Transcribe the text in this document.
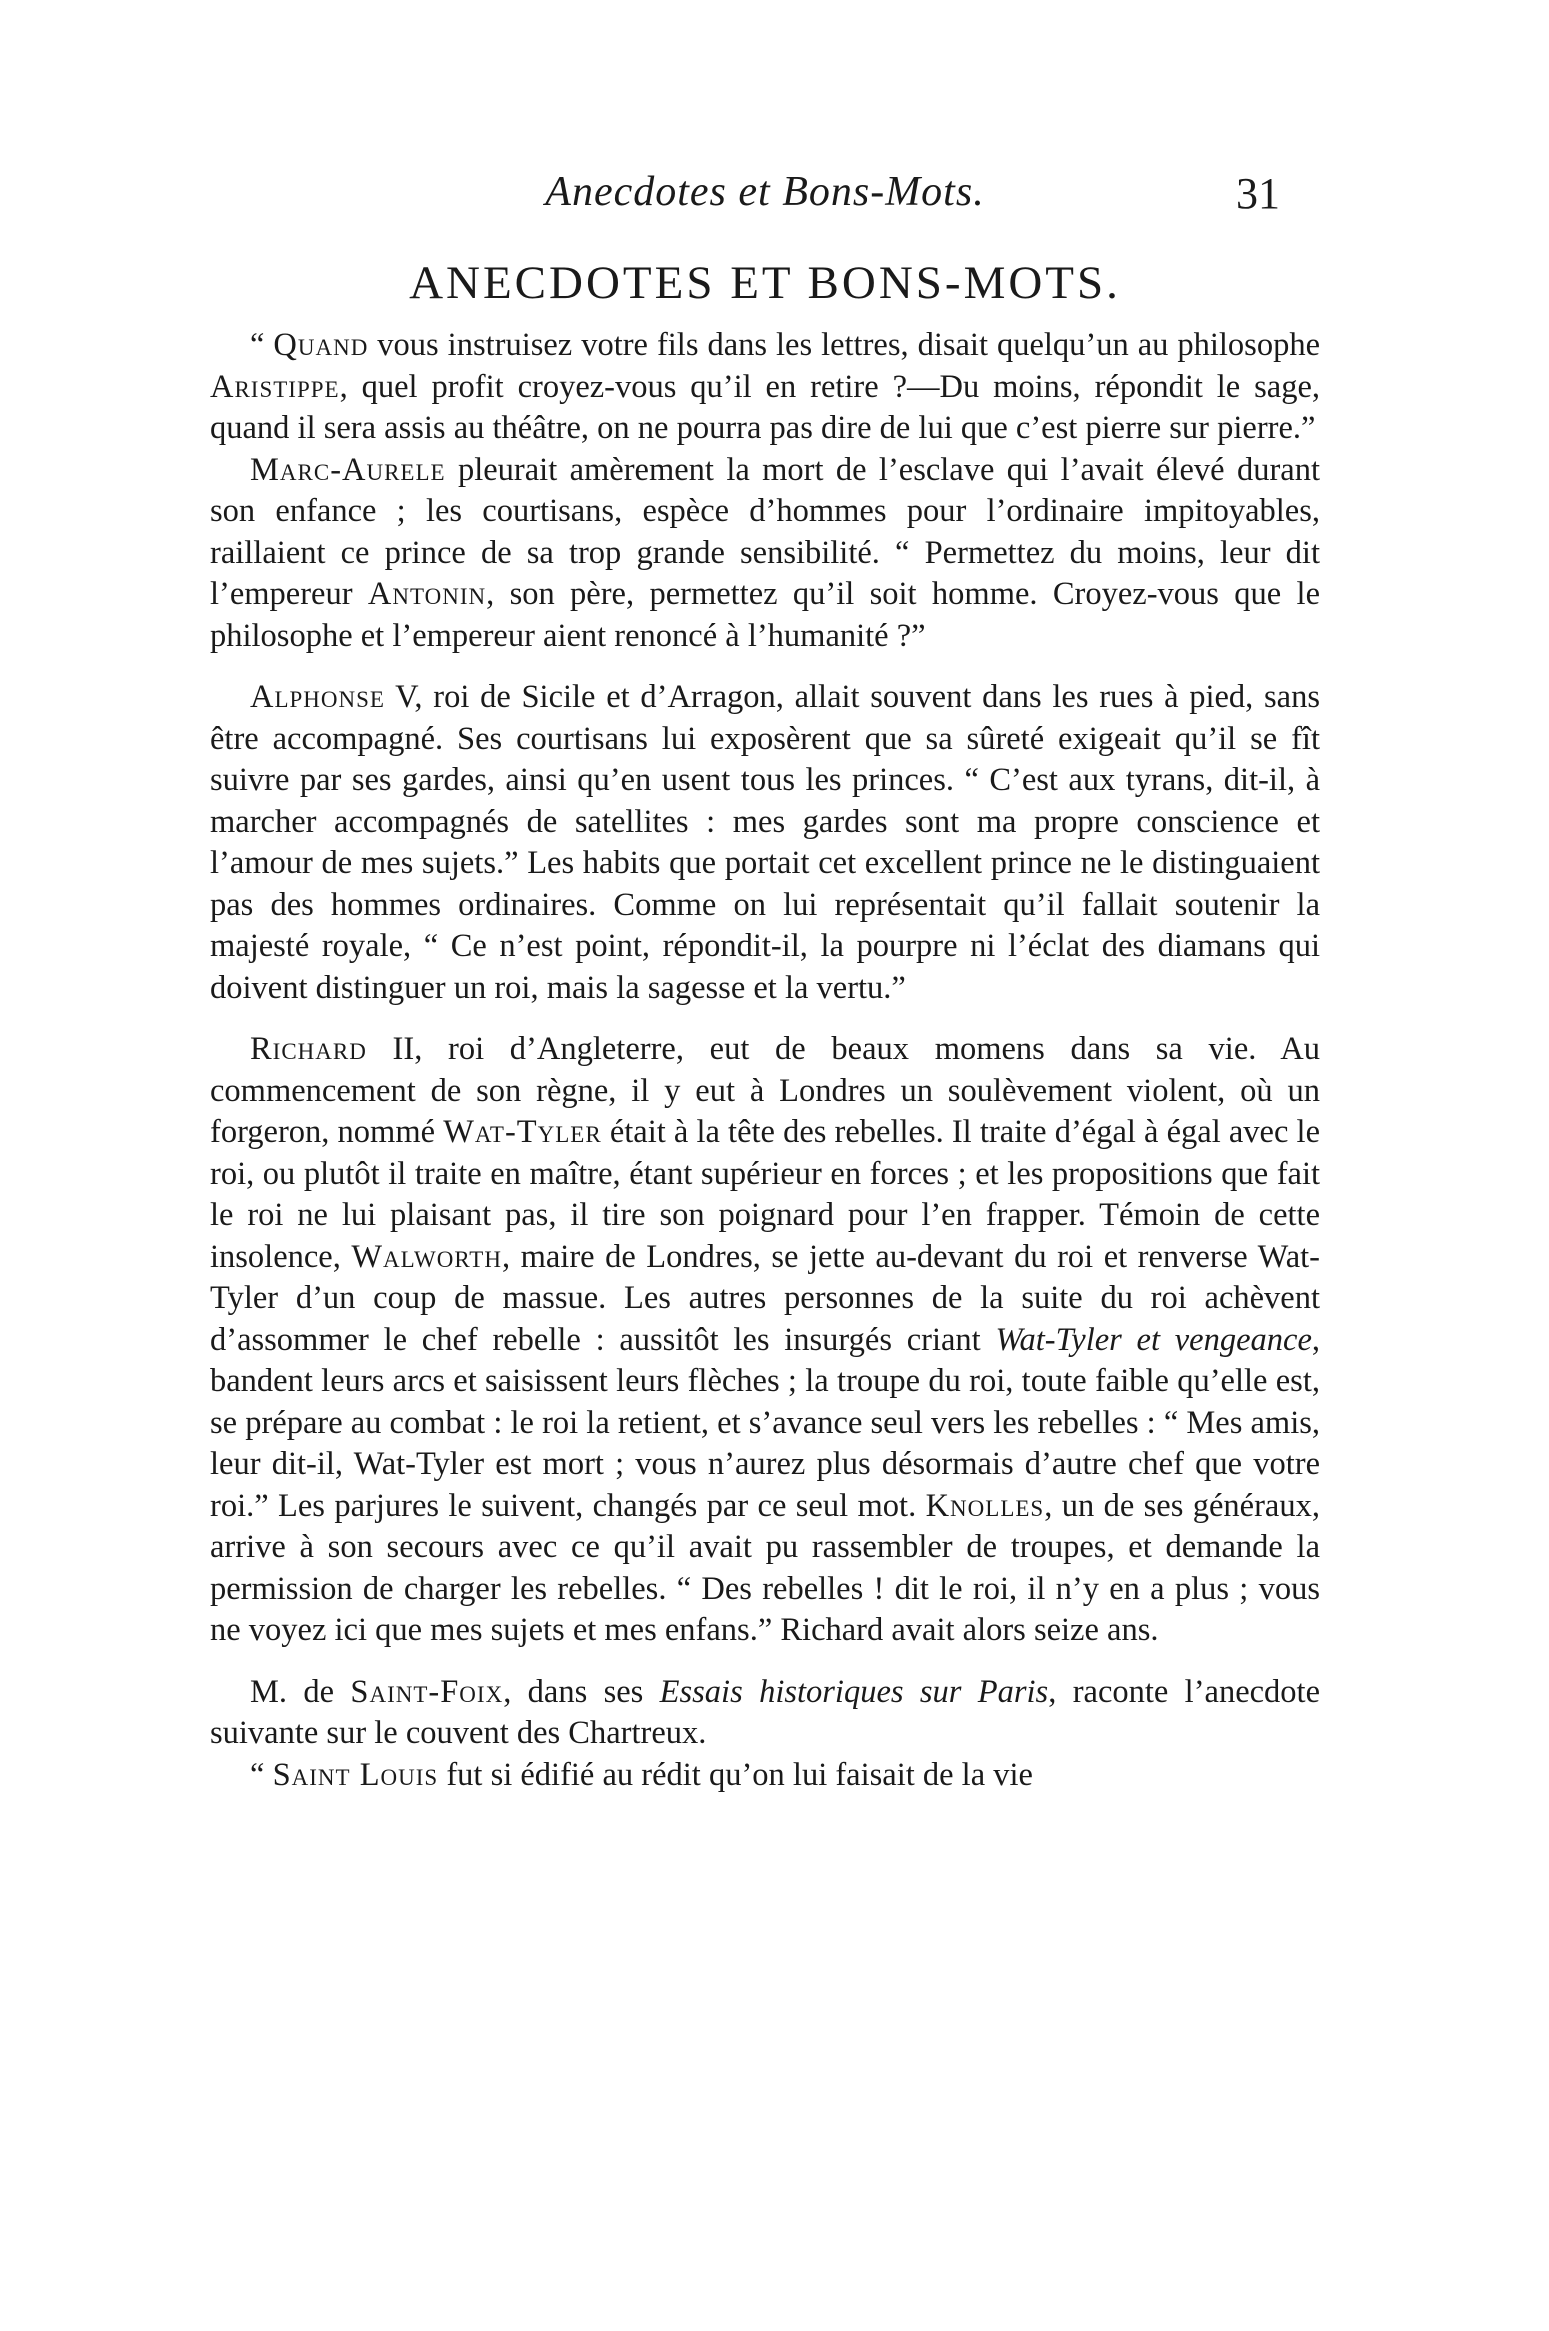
Anecdotes et Bons-Mots.	31
ANECDOTES ET BONS-MOTS.

“ Quand vous instruisez votre fils dans les lettres, disait quelqu’un au philosophe Aristippe, quel profit croyez-vous qu’il en retire ?—Du moins, répondit le sage, quand il sera assis au théâtre, on ne pourra pas dire de lui que c’est pierre sur pierre.”

Marc-Aurele pleurait amèrement la mort de l’esclave qui l’avait élevé durant son enfance ; les courtisans, espèce d’hommes pour l’ordinaire impitoyables, raillaient ce prince de sa trop grande sensibilité. “ Permettez du moins, leur dit l’empereur Antonin, son père, permettez qu’il soit homme. Croyez-vous que le philosophe et l’empereur aient renoncé à l’humanité ?”

Alphonse V, roi de Sicile et d’Arragon, allait souvent dans les rues à pied, sans être accompagné. Ses courtisans lui exposèrent que sa sûreté exigeait qu’il se fît suivre par ses gardes, ainsi qu’en usent tous les princes. “ C’est aux tyrans, dit-il, à marcher accompagnés de satellites : mes gardes sont ma propre conscience et l’amour de mes sujets.” Les habits que portait cet excellent prince ne le distinguaient pas des hommes ordinaires. Comme on lui représentait qu’il fallait soutenir la majesté royale, “ Ce n’est point, répondit-il, la pourpre ni l’éclat des diamans qui doivent distinguer un roi, mais la sagesse et la vertu.”

Richard II, roi d’Angleterre, eut de beaux momens dans sa vie. Au commencement de son règne, il y eut à Londres un soulèvement violent, où un forgeron, nommé Wat-Tyler était à la tête des rebelles. Il traite d’égal à égal avec le roi, ou plutôt il traite en maître, étant supérieur en forces ; et les propositions que fait le roi ne lui plaisant pas, il tire son poignard pour l’en frapper. Témoin de cette insolence, Walworth, maire de Londres, se jette au-devant du roi et renverse Wat-Tyler d’un coup de massue. Les autres personnes de la suite du roi achèvent d’assommer le chef rebelle : aussitôt les insurgés criant Wat-Tyler et vengeance, bandent leurs arcs et saisissent leurs flèches ; la troupe du roi, toute faible qu’elle est, se prépare au combat : le roi la retient, et s’avance seul vers les rebelles : “ Mes amis, leur dit-il, Wat-Tyler est mort ; vous n’aurez plus désormais d’autre chef que votre roi.” Les parjures le suivent, changés par ce seul mot. Knolles, un de ses généraux, arrive à son secours avec ce qu’il avait pu rassembler de troupes, et demande la permission de charger les rebelles. “ Des rebelles ! dit le roi, il n’y en a plus ; vous ne voyez ici que mes sujets et mes enfans.” Richard avait alors seize ans.

M. de Saint-Foix, dans ses Essais historiques sur Paris, raconte l’anecdote suivante sur le couvent des Chartreux.

“ Saint Louis fut si édifié au rédit qu’on lui faisait de la vie
